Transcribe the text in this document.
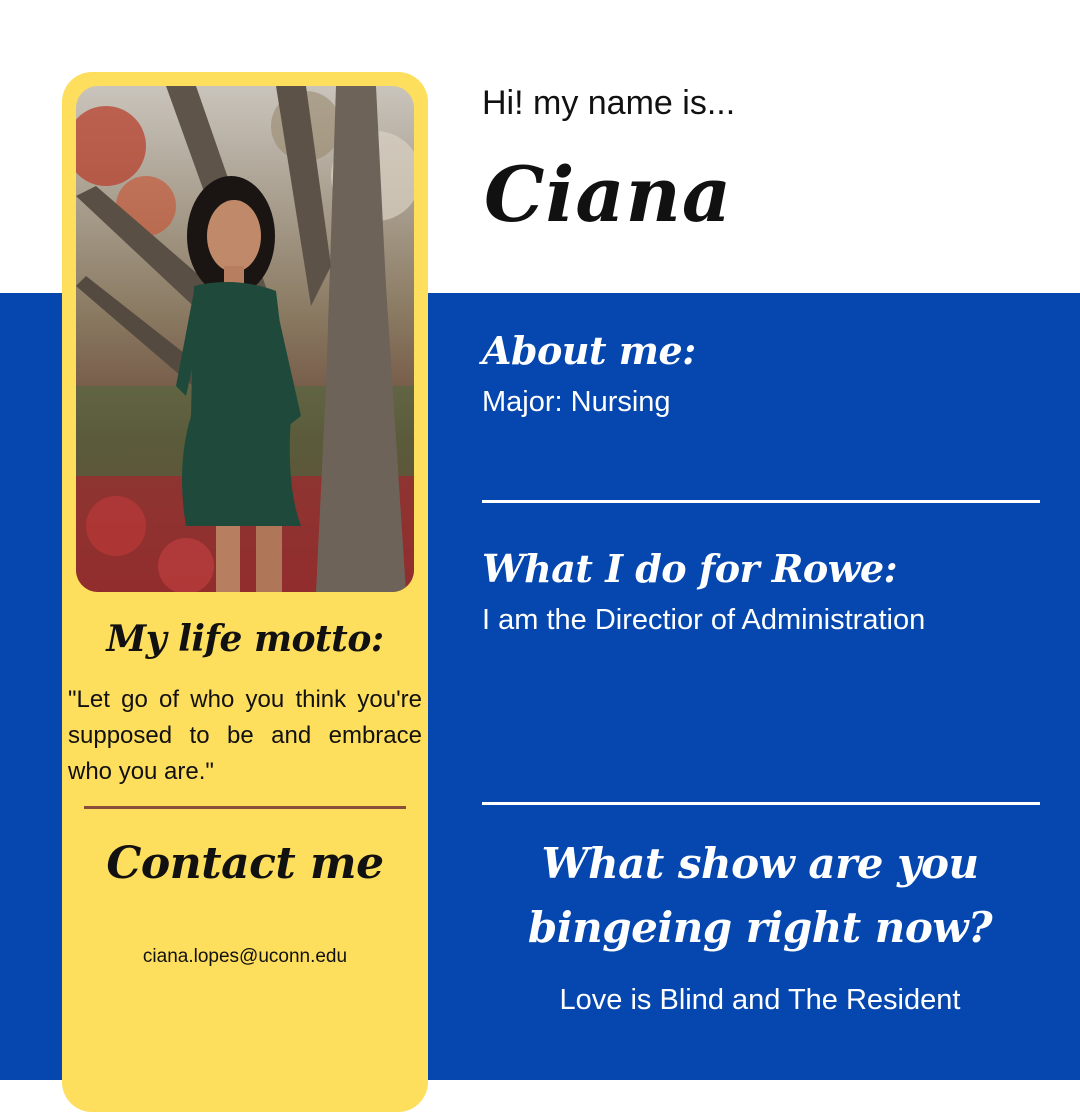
My life motto:
"Let go of who you think you're supposed to be and embrace who you are."
Contact me
ciana.lopes@uconn.edu
Hi! my name is...
Ciana
About me:
Major: Nursing
What I do for Rowe:
I am the Directior of Administration
What show are you bingeing right now?
Love is Blind and The Resident
